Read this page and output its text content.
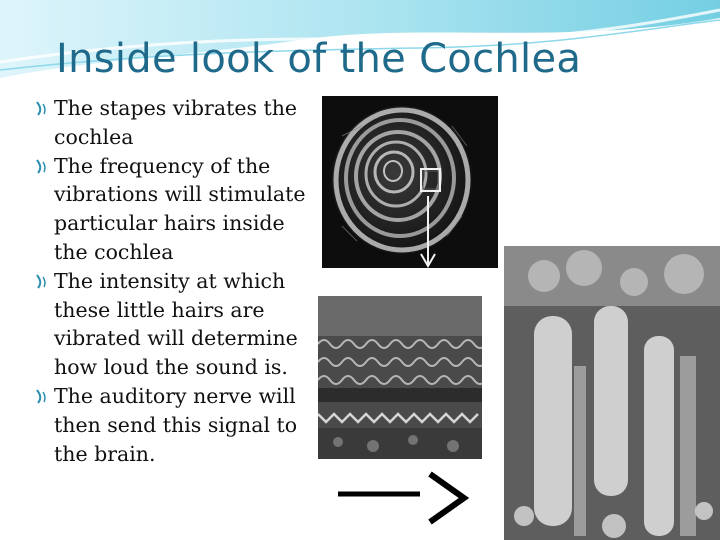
Inside look of the Cochlea
The stapes vibrates the cochlea
The frequency of the vibrations will stimulate particular hairs inside the cochlea
The intensity at which these little hairs are vibrated will determine how loud the sound is.
The auditory nerve will then send this signal to the brain.
